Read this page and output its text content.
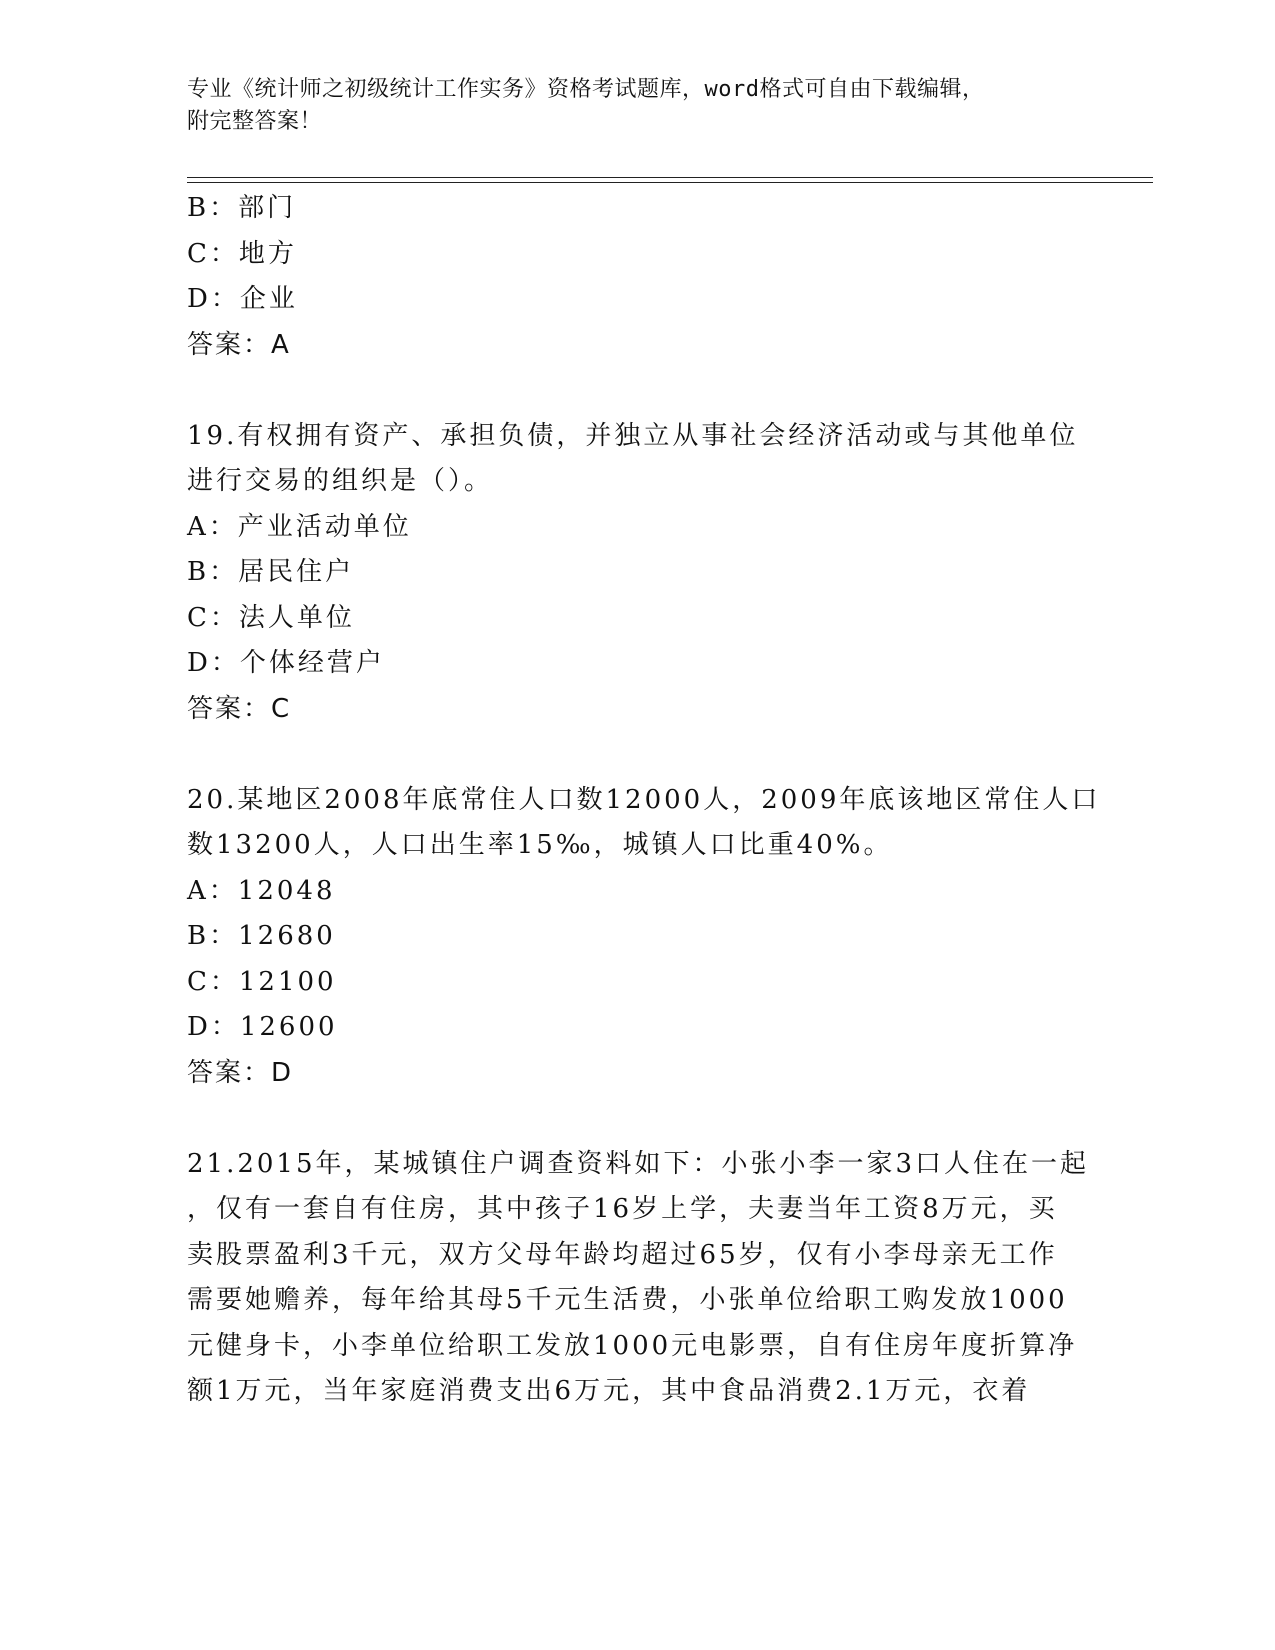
专业《统计师之初级统计工作实务》资格考试题库，word格式可自由下载编辑，
附完整答案！
B：部门
C：地方
D：企业
答案：A
19.有权拥有资产、承担负债，并独立从事社会经济活动或与其他单位
进行交易的组织是（）。
A：产业活动单位
B：居民住户
C：法人单位
D：个体经营户
答案：C
20.某地区2008年底常住人口数12000人，2009年底该地区常住人口
数13200人，人口出生率15‰，城镇人口比重40%。
A：12048
B：12680
C：12100
D：12600
答案：D
21.2015年，某城镇住户调查资料如下：小张小李一家3口人住在一起
，仅有一套自有住房，其中孩子16岁上学，夫妻当年工资8万元，买
卖股票盈利3千元，双方父母年龄均超过65岁，仅有小李母亲无工作
需要她赡养，每年给其母5千元生活费，小张单位给职工购发放1000
元健身卡，小李单位给职工发放1000元电影票，自有住房年度折算净
额1万元，当年家庭消费支出6万元，其中食品消费2.1万元，衣着
